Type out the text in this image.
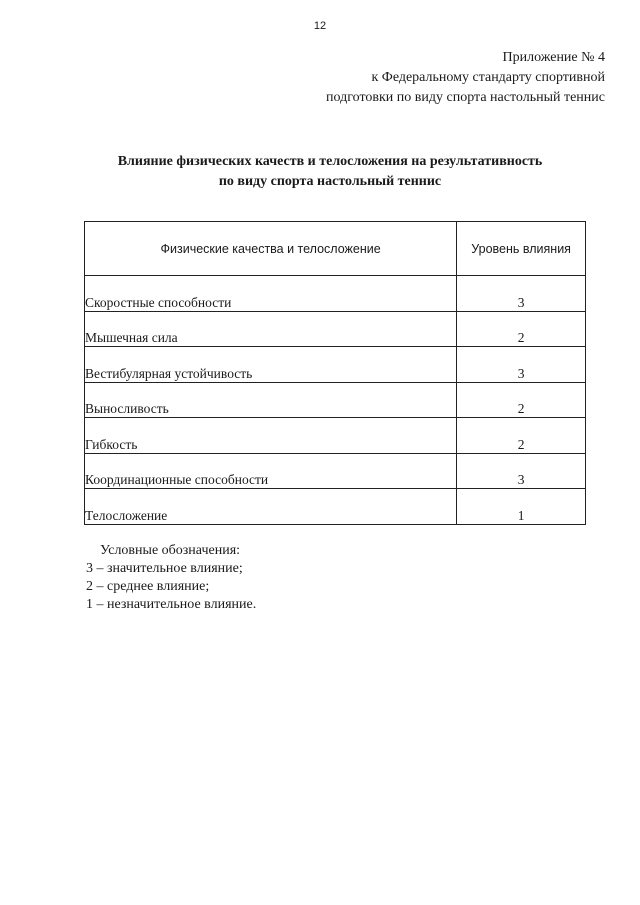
12
Приложение № 4
к Федеральному стандарту спортивной
подготовки по виду спорта настольный теннис
Влияние физических качеств и телосложения на результативность
по виду спорта настольный теннис
Физические качества и телосложение	Уровень влияния
Скоростные способности	3
Мышечная сила	2
Вестибулярная устойчивость	3
Выносливость	2
Гибкость	2
Координационные способности	3
Телосложение	1
Условные обозначения:
3 – значительное влияние;
2 – среднее влияние;
1 – незначительное влияние.
